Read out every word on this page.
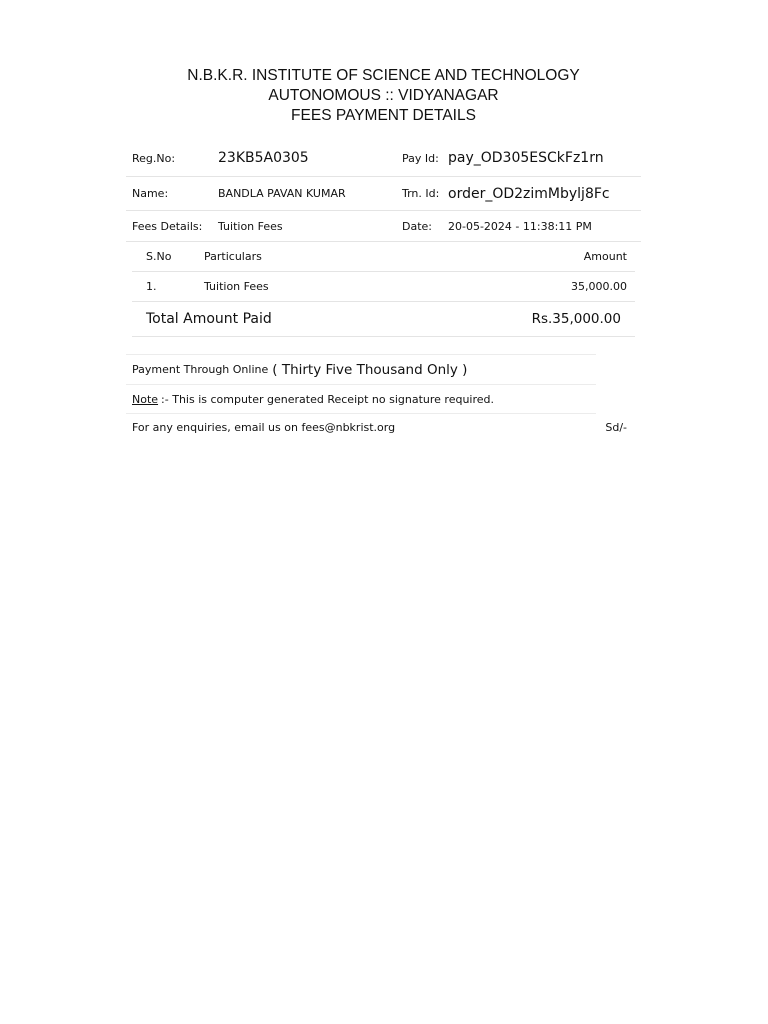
N.B.K.R. INSTITUTE OF SCIENCE AND TECHNOLOGY
AUTONOMOUS :: VIDYANAGAR
FEES PAYMENT DETAILS
Reg.No:	23KB5A0305	Pay Id: pay_OD305ESCkFz1rn
Name:	BANDLA PAVAN KUMAR	Trn. Id: order_OD2zimMbylj8Fc
Fees Details:	Tuition Fees	Date:	20-05-2024 - 11:38:11 PM
S.No	Particulars	Amount
1.	Tuition Fees	35,000.00
Total Amount Paid	Rs.35,000.00
Payment Through Online ( Thirty Five Thousand Only )
Note :- This is computer generated Receipt no signature required.
For any enquiries, email us on fees@nbkrist.org	Sd/-
